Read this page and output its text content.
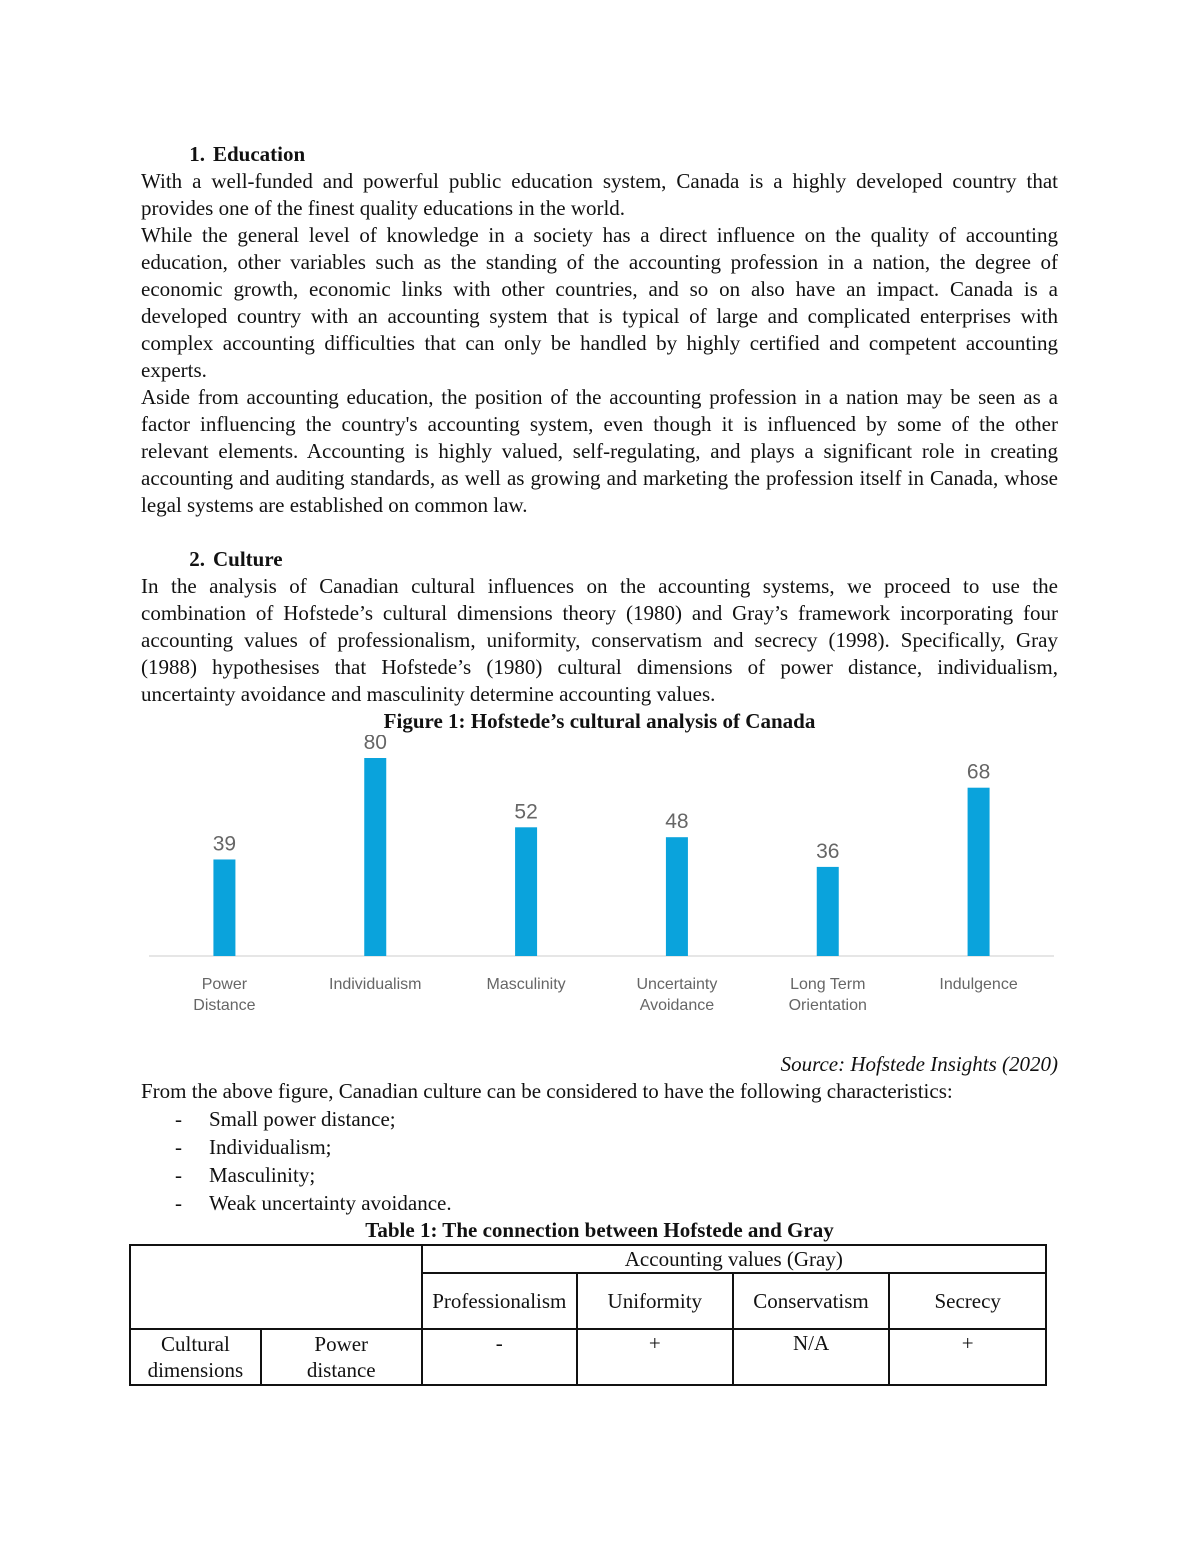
1. Education

With a well-funded and powerful public education system, Canada is a highly developed country that provides one of the finest quality educations in the world.

While the general level of knowledge in a society has a direct influence on the quality of accounting education, other variables such as the standing of the accounting profession in a nation, the degree of economic growth, economic links with other countries, and so on also have an impact. Canada is a developed country with an accounting system that is typical of large and complicated enterprises with complex accounting difficulties that can only be handled by highly certified and competent accounting experts.

Aside from accounting education, the position of the accounting profession in a nation may be seen as a factor influencing the country's accounting system, even though it is influenced by some of the other relevant elements. Accounting is highly valued, self-regulating, and plays a significant role in creating accounting and auditing standards, as well as growing and marketing the profession itself in Canada, whose legal systems are established on common law.

2. Culture

In the analysis of Canadian cultural influences on the accounting systems, we proceed to use the combination of Hofstede’s cultural dimensions theory (1980) and Gray’s framework incorporating four accounting values of professionalism, uniformity, conservatism and secrecy (1998). Specifically, Gray (1988) hypothesises that Hofstede’s (1980) cultural dimensions of power distance, individualism, uncertainty avoidance and masculinity determine accounting values.

Figure 1: Hofstede’s cultural analysis of Canada
39
Power
Distance
80
Individualism
52
Masculinity
48
Uncertainty
Avoidance
36
Long Term
Orientation
68
Indulgence
Source: Hofstede Insights (2020)

From the above figure, Canadian culture can be considered to have the following characteristics:

-	Small power distance;
-	Individualism;
-	Masculinity;
-	Weak uncertainty avoidance.
Table 1: The connection between Hofstede and Gray
		Accounting values (Gray)			
		Professionalism	Uniformity	Conservatism	Secrecy
Cultural dimensions	Power distance	-	+	N/A	+
